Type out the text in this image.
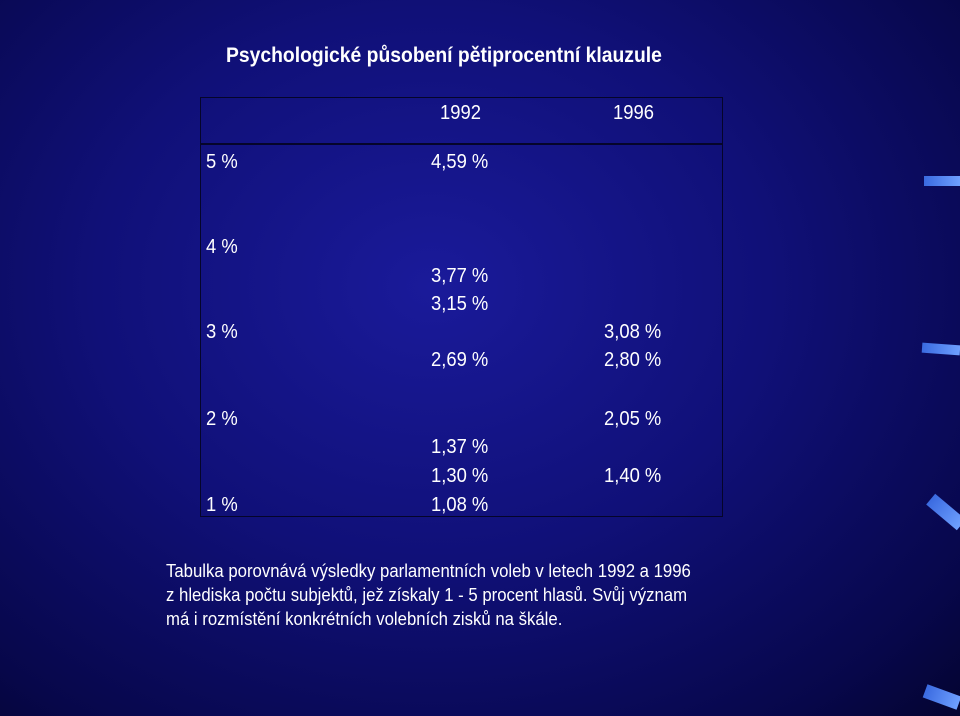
Psychologické působení pětiprocentní klauzule
1992	1996
5 %
4 %
3 %
2 %
1 %
4,59 %
3,77 %
3,15 %
2,69 %
1,37 %
1,30 %
1,08 %
3,08 %
2,80 %
2,05 %
1,40 %
Tabulka porovnává výsledky parlamentních voleb v letech 1992 a 1996
z hlediska počtu subjektů, jež získaly 1 - 5 procent hlasů. Svůj význam
má i rozmístění konkrétních volebních zisků na škále.
